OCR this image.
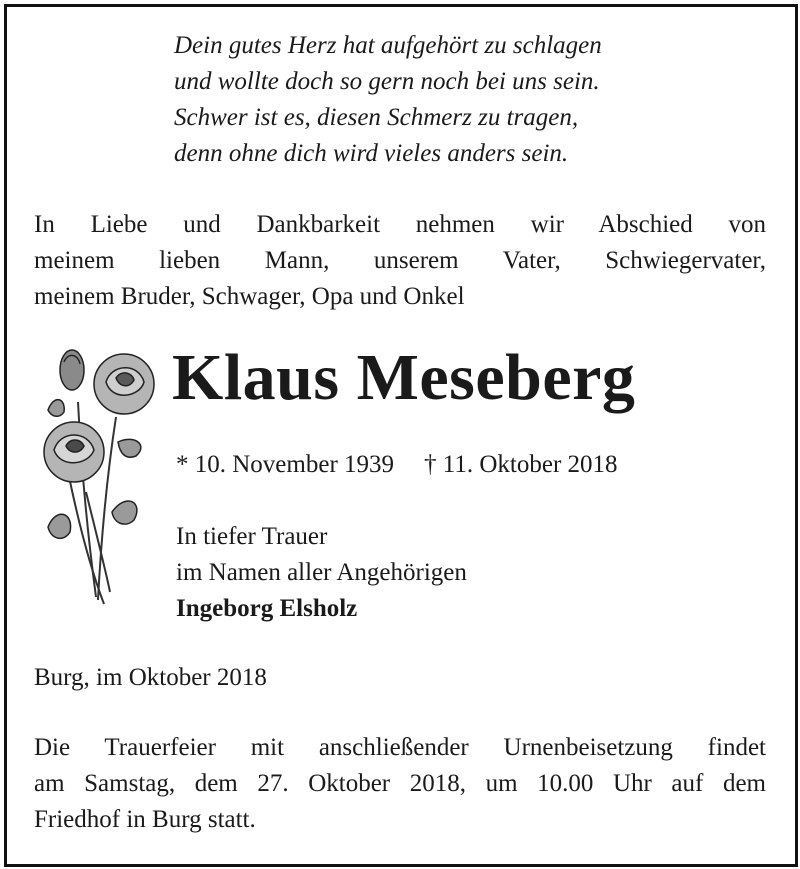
Dein gutes Herz hat aufgehört zu schlagen
und wollte doch so gern noch bei uns sein.
Schwer ist es, diesen Schmerz zu tragen,
denn ohne dich wird vieles anders sein.
In Liebe und Dankbarkeit nehmen wir Abschied von
meinem lieben Mann, unserem Vater, Schwiegervater,
meinem Bruder, Schwager, Opa und Onkel
Klaus Meseberg
* 10. November 1939 † 11. Oktober 2018
In tiefer Trauer
im Namen aller Angehörigen
Ingeborg Elsholz
Burg, im Oktober 2018
Die Trauerfeier mit anschließender Urnenbeisetzung findet
am Samstag, dem 27. Oktober 2018, um 10.00 Uhr auf dem
Friedhof in Burg statt.
